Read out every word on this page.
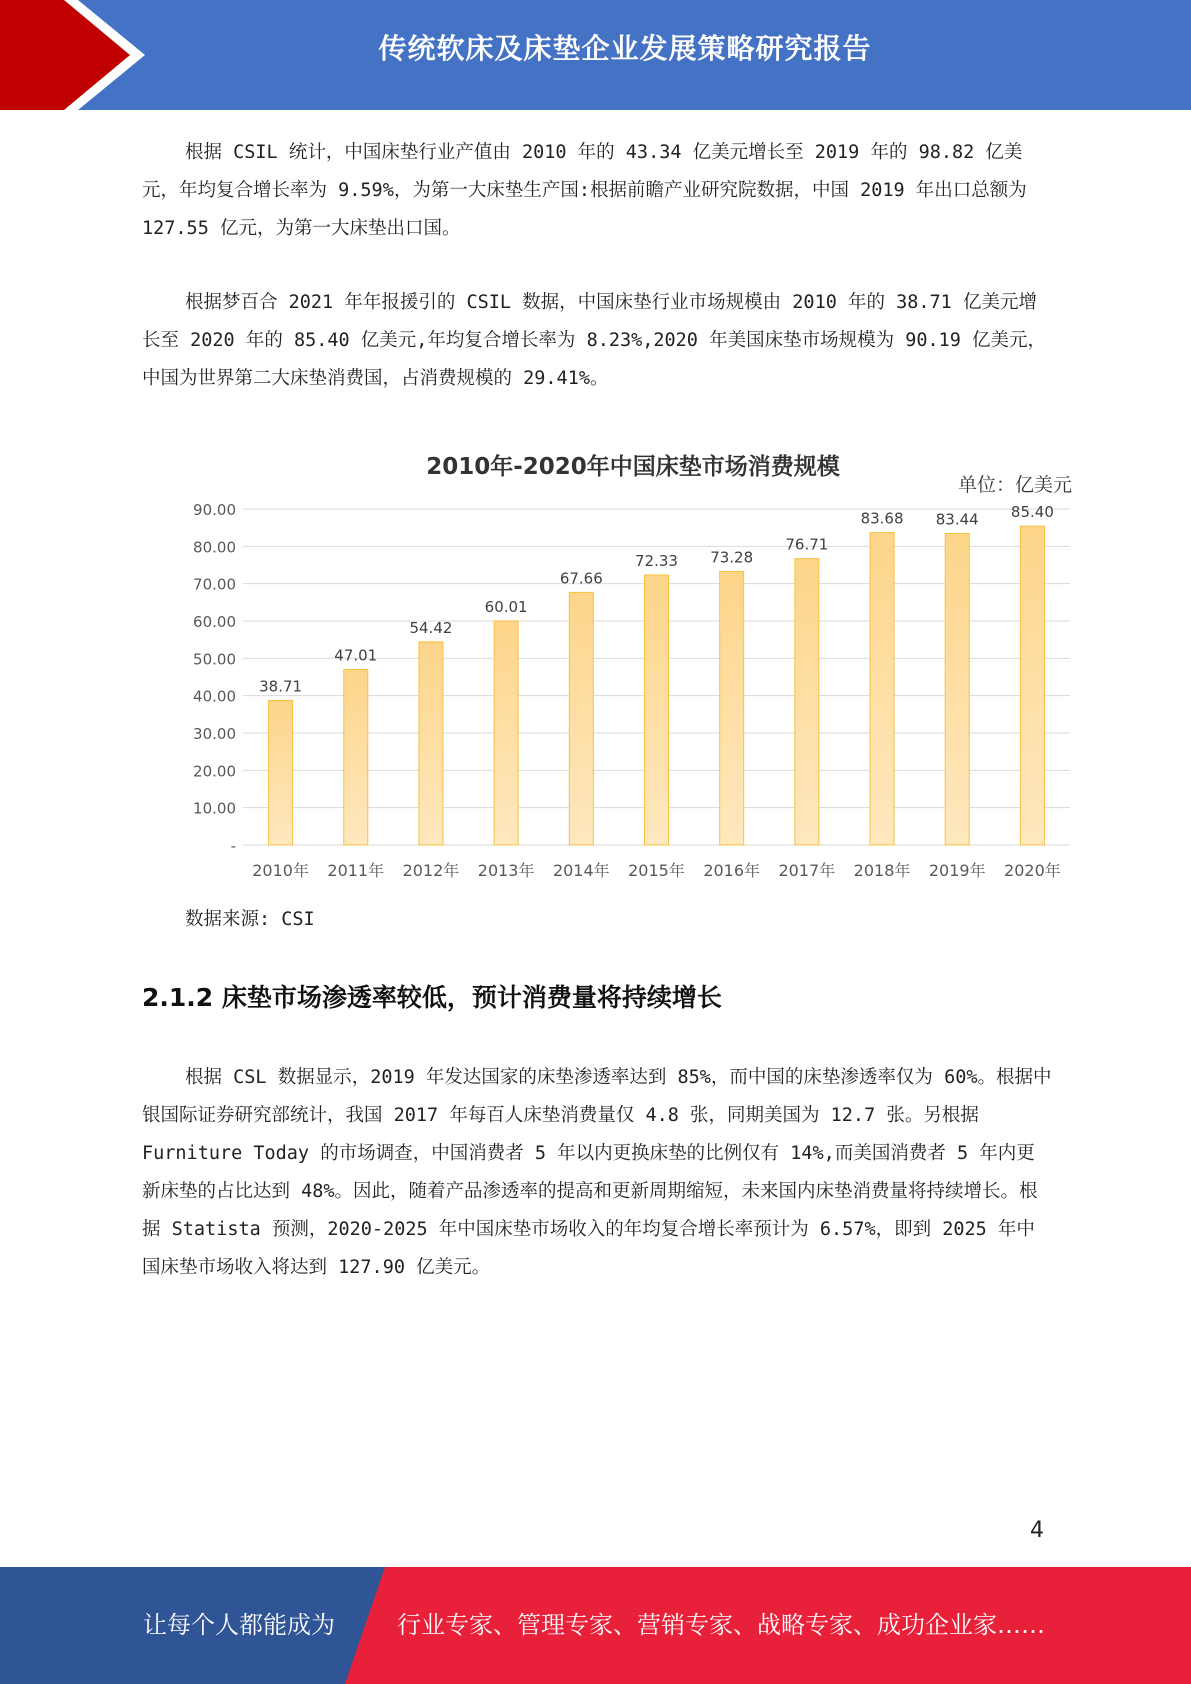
传统软床及床垫企业发展策略研究报告

根据 CSIL 统计，中国床垫行业产值由 2010 年的 43.34 亿美元增长至 2019 年的 98.82 亿美元，年均复合增长率为 9.59%，为第一大床垫生产国:根据前瞻产业研究院数据，中国 2019 年出口总额为 127.55 亿元，为第一大床垫出口国。

根据梦百合 2021 年年报援引的 CSIL 数据，中国床垫行业市场规模由 2010 年的 38.71 亿美元增长至 2020 年的 85.40 亿美元,年均复合增长率为 8.23%,2020 年美国床垫市场规模为 90.19 亿美元，中国为世界第二大床垫消费国，占消费规模的 29.41%。

2010年-2020年中国床垫市场消费规模
单位：亿美元
-
10.00
20.00
30.00
40.00
50.00
60.00
70.00
80.00
90.00
38.71
2010年
47.01
2011年
54.42
2012年
60.01
2013年
67.66
2014年
72.33
2015年
73.28
2016年
76.71
2017年
83.68
2018年
83.44
2019年
85.40
2020年
数据来源: CSI
2.1.2 床垫市场渗透率较低，预计消费量将持续增长

根据 CSL 数据显示，2019 年发达国家的床垫渗透率达到 85%，而中国的床垫渗透率仅为 60%。根据中银国际证券研究部统计，我国 2017 年每百人床垫消费量仅 4.8 张，同期美国为 12.7 张。另根据 Furniture Today 的市场调查，中国消费者 5 年以内更换床垫的比例仅有 14%,而美国消费者 5 年内更新床垫的占比达到 48%。因此，随着产品渗透率的提高和更新周期缩短，未来国内床垫消费量将持续增长。根据 Statista 预测，2020-2025 年中国床垫市场收入的年均复合增长率预计为 6.57%，即到 2025 年中国床垫市场收入将达到 127.90 亿美元。

4
让每个人都能成为	行业专家、管理专家、营销专家、战略专家、成功企业家……
